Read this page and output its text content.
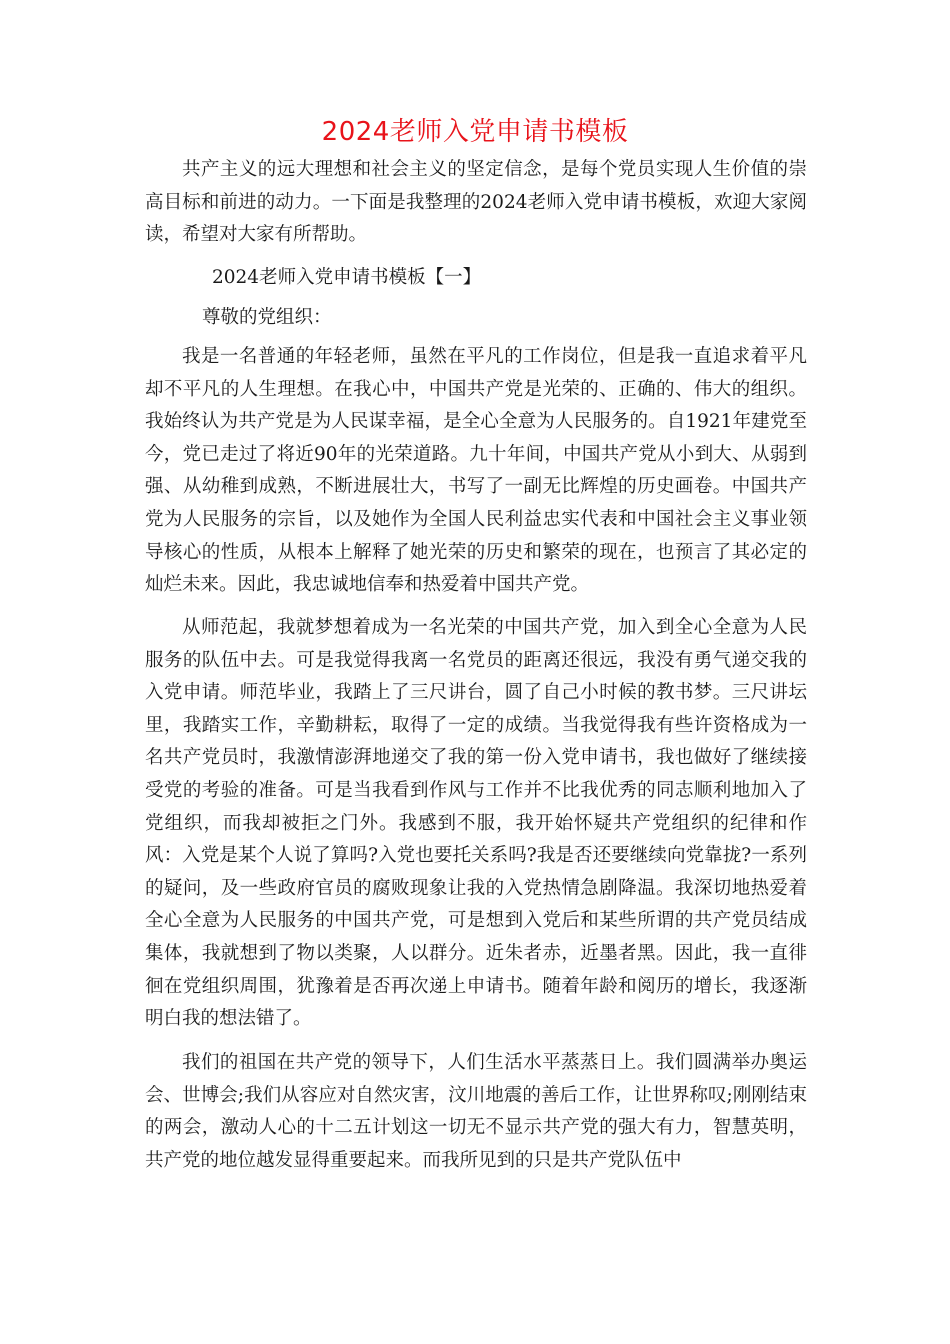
2024老师入党申请书模板

共产主义的远大理想和社会主义的坚定信念，是每个党员实现人生价值的崇高目标和前进的动力。一下面是我整理的2024老师入党申请书模板，欢迎大家阅读，希望对大家有所帮助。

2024老师入党申请书模板【一】

尊敬的党组织：

我是一名普通的年轻老师，虽然在平凡的工作岗位，但是我一直追求着平凡却不平凡的人生理想。在我心中，中国共产党是光荣的、正确的、伟大的组织。我始终认为共产党是为人民谋幸福，是全心全意为人民服务的。自1921年建党至今，党已走过了将近90年的光荣道路。九十年间，中国共产党从小到大、从弱到强、从幼稚到成熟，不断进展壮大，书写了一副无比辉煌的历史画卷。中国共产党为人民服务的宗旨，以及她作为全国人民利益忠实代表和中国社会主义事业领导核心的性质，从根本上解释了她光荣的历史和繁荣的现在，也预言了其必定的灿烂未来。因此，我忠诚地信奉和热爱着中国共产党。

从师范起，我就梦想着成为一名光荣的中国共产党，加入到全心全意为人民服务的队伍中去。可是我觉得我离一名党员的距离还很远，我没有勇气递交我的入党申请。师范毕业，我踏上了三尺讲台，圆了自己小时候的教书梦。三尺讲坛里，我踏实工作，辛勤耕耘，取得了一定的成绩。当我觉得我有些许资格成为一名共产党员时，我激情澎湃地递交了我的第一份入党申请书，我也做好了继续接受党的考验的准备。可是当我看到作风与工作并不比我优秀的同志顺利地加入了党组织，而我却被拒之门外。我感到不服，我开始怀疑共产党组织的纪律和作风：入党是某个人说了算吗?入党也要托关系吗?我是否还要继续向党靠拢?一系列的疑问，及一些政府官员的腐败现象让我的入党热情急剧降温。我深切地热爱着全心全意为人民服务的中国共产党，可是想到入党后和某些所谓的共产党员结成集体，我就想到了物以类聚，人以群分。近朱者赤，近墨者黑。因此，我一直徘徊在党组织周围，犹豫着是否再次递上申请书。随着年龄和阅历的增长，我逐渐明白我的想法错了。

我们的祖国在共产党的领导下，人们生活水平蒸蒸日上。我们圆满举办奥运会、世博会;我们从容应对自然灾害，汶川地震的善后工作，让世界称叹;刚刚结束的两会，激动人心的十二五计划这一切无不显示共产党的强大有力，智慧英明，共产党的地位越发显得重要起来。而我所见到的只是共产党队伍中
